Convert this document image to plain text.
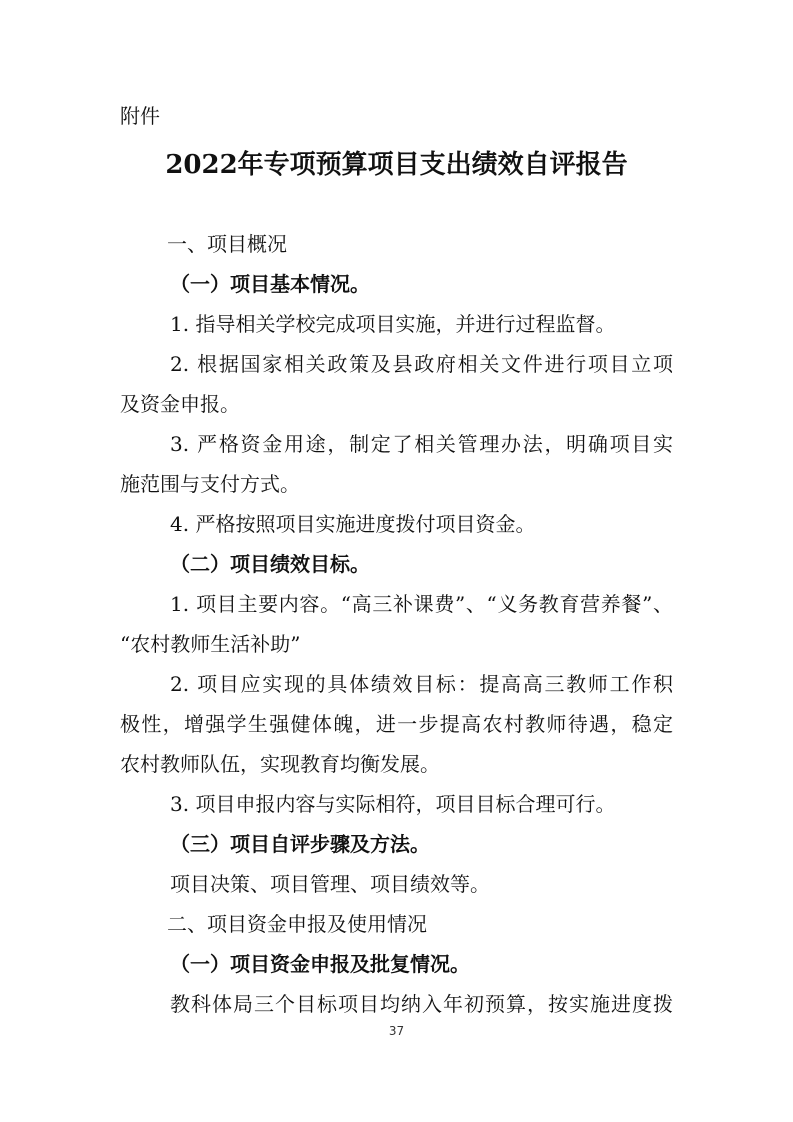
附件
2022年专项预算项目支出绩效自评报告
一、项目概况
（一）项目基本情况。
1. 指导相关学校完成项目实施，并进行过程监督。
2. 根据国家相关政策及县政府相关文件进行项目立项
及资金申报。
3. 严格资金用途，制定了相关管理办法，明确项目实
施范围与支付方式。
4. 严格按照项目实施进度拨付项目资金。
（二）项目绩效目标。
1. 项目主要内容。“高三补课费”、“义务教育营养餐”、
“农村教师生活补助”
2. 项目应实现的具体绩效目标：提高高三教师工作积
极性，增强学生强健体魄，进一步提高农村教师待遇，稳定
农村教师队伍，实现教育均衡发展。
3. 项目申报内容与实际相符，项目目标合理可行。
（三）项目自评步骤及方法。
项目决策、项目管理、项目绩效等。
二、项目资金申报及使用情况
（一）项目资金申报及批复情况。
教科体局三个目标项目均纳入年初预算，按实施进度拨
37
